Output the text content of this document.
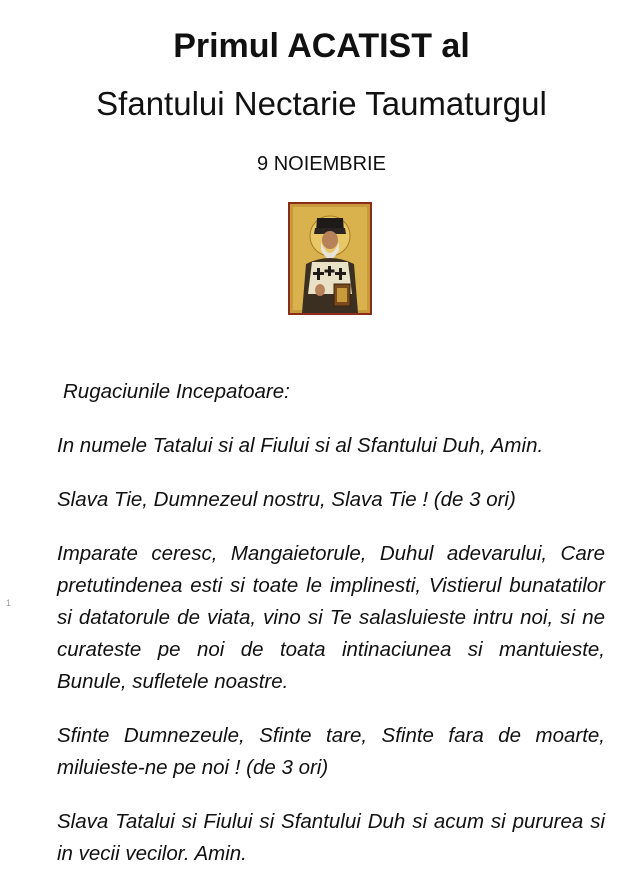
1
Primul ACATIST al
Sfantului Nectarie Taumaturgul
9 NOIEMBRIE

Rugaciunile Incepatoare:

In numele Tatalui si al Fiului si al Sfantului Duh, Amin.

Slava Tie, Dumnezeul nostru, Slava Tie ! (de 3 ori)

Imparate ceresc, Mangaietorule, Duhul adevarului, Care pretutindenea esti si toate le implinesti, Vistierul bunatatilor si datatorule de viata, vino si Te salasluieste intru noi, si ne curateste pe noi de toata intinaciunea si mantuieste, Bunule, sufletele noastre.

Sfinte Dumnezeule, Sfinte tare, Sfinte fara de moarte, miluieste-ne pe noi ! (de 3 ori)

Slava Tatalui si Fiului si Sfantului Duh si acum si pururea si in vecii vecilor. Amin.
